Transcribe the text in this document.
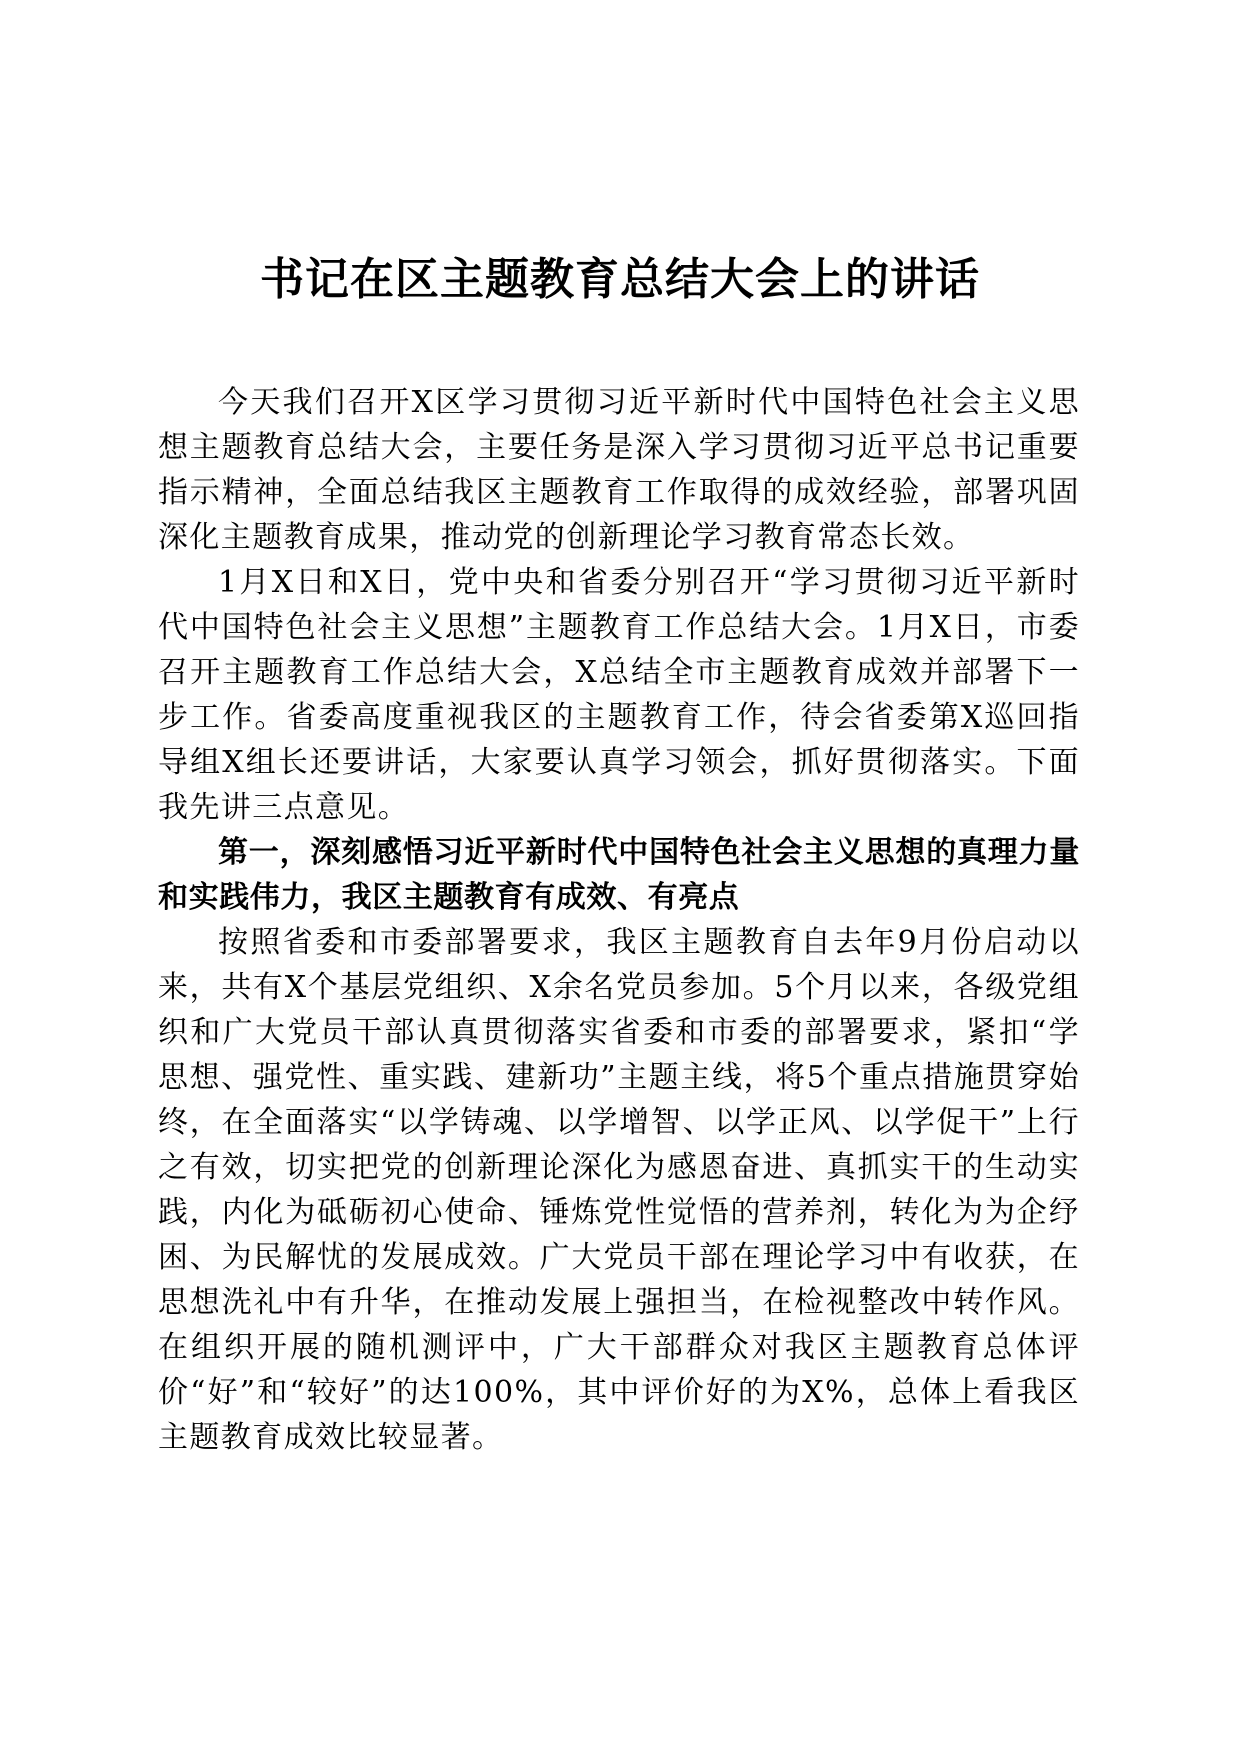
书记在区主题教育总结大会上的讲话

今天我们召开X区学习贯彻习近平新时代中国特色社会主义思想主题教育总结大会，主要任务是深入学习贯彻习近平总书记重要指示精神，全面总结我区主题教育工作取得的成效经验，部署巩固深化主题教育成果，推动党的创新理论学习教育常态长效。

1月X日和X日，党中央和省委分别召开“学习贯彻习近平新时代中国特色社会主义思想”主题教育工作总结大会。1月X日，市委召开主题教育工作总结大会，X总结全市主题教育成效并部署下一步工作。省委高度重视我区的主题教育工作，待会省委第X巡回指导组X组长还要讲话，大家要认真学习领会，抓好贯彻落实。下面我先讲三点意见。

第一，深刻感悟习近平新时代中国特色社会主义思想的真理力量和实践伟力，我区主题教育有成效、有亮点

按照省委和市委部署要求，我区主题教育自去年9月份启动以来，共有X个基层党组织、X余名党员参加。5个月以来，各级党组织和广大党员干部认真贯彻落实省委和市委的部署要求，紧扣“学思想、强党性、重实践、建新功”主题主线，将5个重点措施贯穿始终，在全面落实“以学铸魂、以学增智、以学正风、以学促干”上行之有效，切实把党的创新理论深化为感恩奋进、真抓实干的生动实践，内化为砥砺初心使命、锤炼党性觉悟的营养剂，转化为为企纾困、为民解忧的发展成效。广大党员干部在理论学习中有收获，在思想洗礼中有升华，在推动发展上强担当，在检视整改中转作风。在组织开展的随机测评中，广大干部群众对我区主题教育总体评价“好”和“较好”的达100%，其中评价好的为X%，总体上看我区主题教育成效比较显著。
